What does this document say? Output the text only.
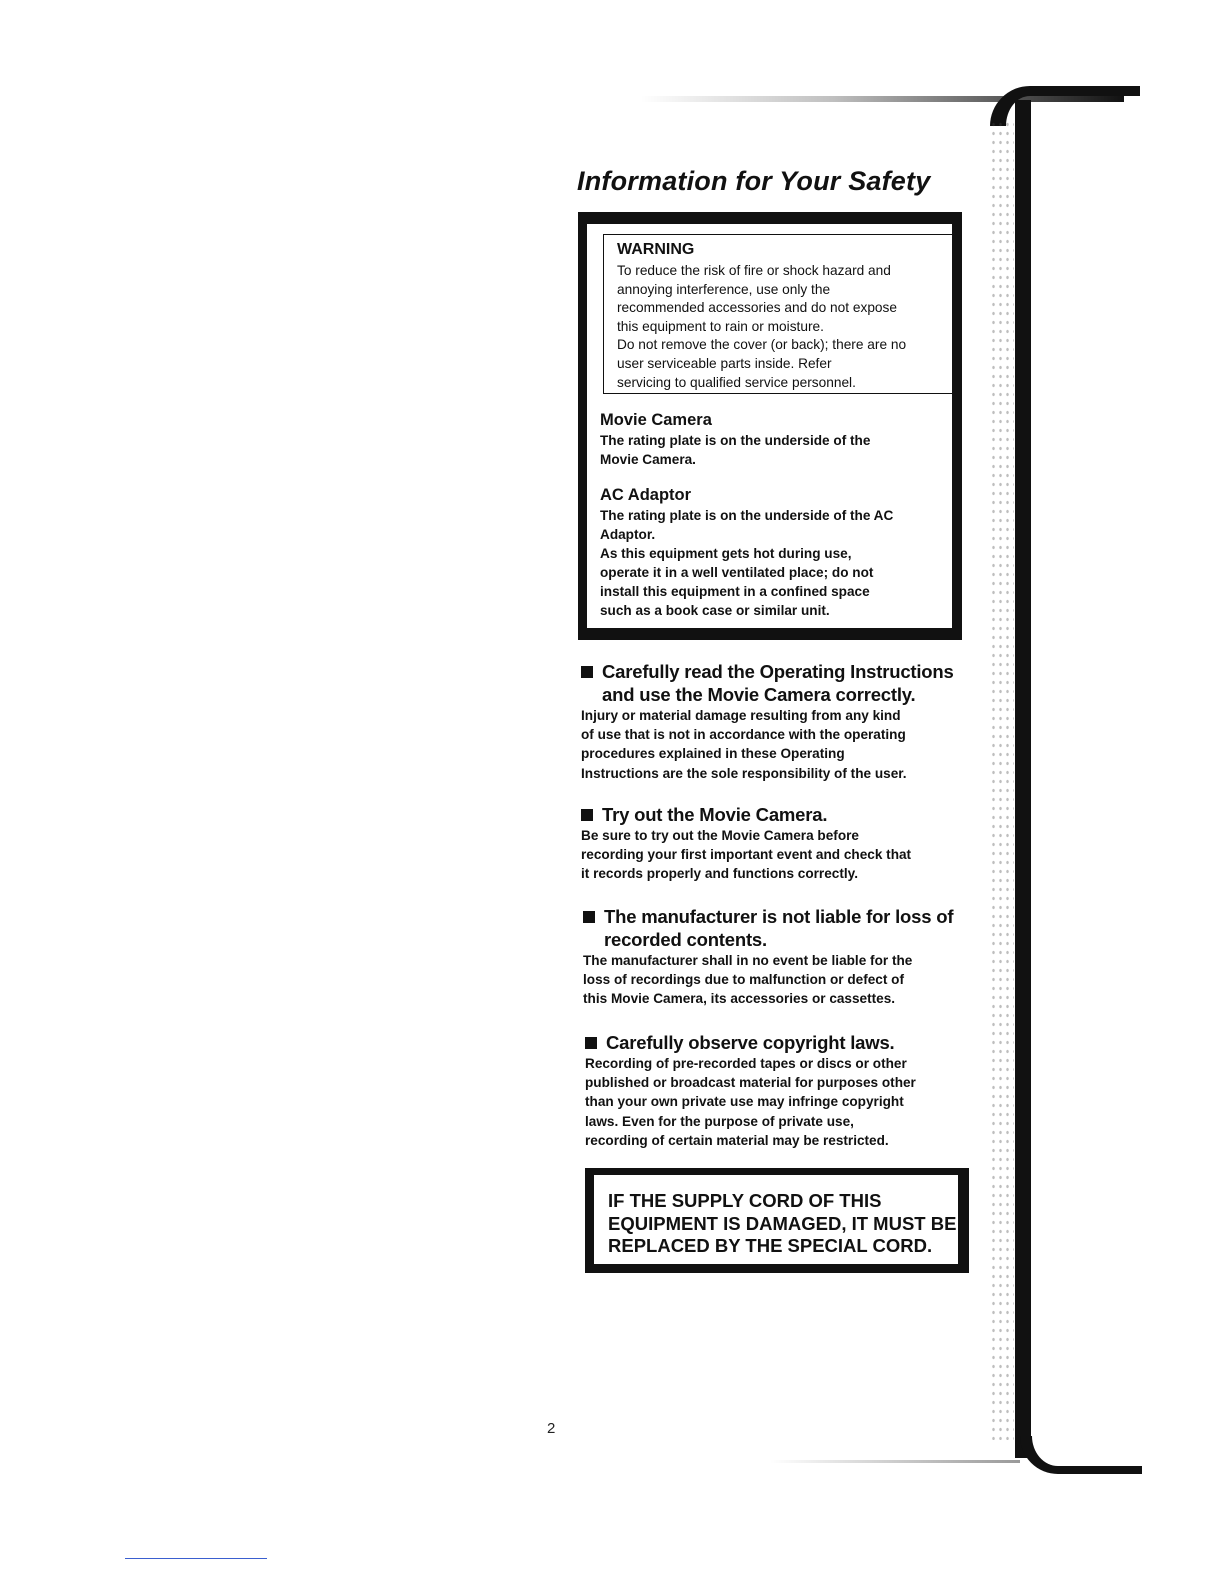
Information for Your Safety

WARNING

To reduce the risk of fire or shock hazard and

annoying interference, use only the

recommended accessories and do not expose

this equipment to rain or moisture.

Do not remove the cover (or back); there are no

user serviceable parts inside. Refer

servicing to qualified service personnel.

Movie Camera

The rating plate is on the underside of the

Movie Camera.

AC Adaptor

The rating plate is on the underside of the AC

Adaptor.

As this equipment gets hot during use,

operate it in a well ventilated place; do not

install this equipment in a confined space

such as a book case or similar unit.

Carefully read the Operating Instructions
and use the Movie Camera correctly.

Injury or material damage resulting from any kind

of use that is not in accordance with the operating

procedures explained in these Operating

Instructions are the sole responsibility of the user.

Try out the Movie Camera.

Be sure to try out the Movie Camera before

recording your first important event and check that

it records properly and functions correctly.

The manufacturer is not liable for loss of
recorded contents.

The manufacturer shall in no event be liable for the

loss of recordings due to malfunction or defect of

this Movie Camera, its accessories or cassettes.

Carefully observe copyright laws.

Recording of pre-recorded tapes or discs or other

published or broadcast material for purposes other

than your own private use may infringe copyright

laws. Even for the purpose of private use,

recording of certain material may be restricted.

IF THE SUPPLY CORD OF THIS
EQUIPMENT IS DAMAGED, IT MUST BE
REPLACED BY THE SPECIAL CORD.
2
